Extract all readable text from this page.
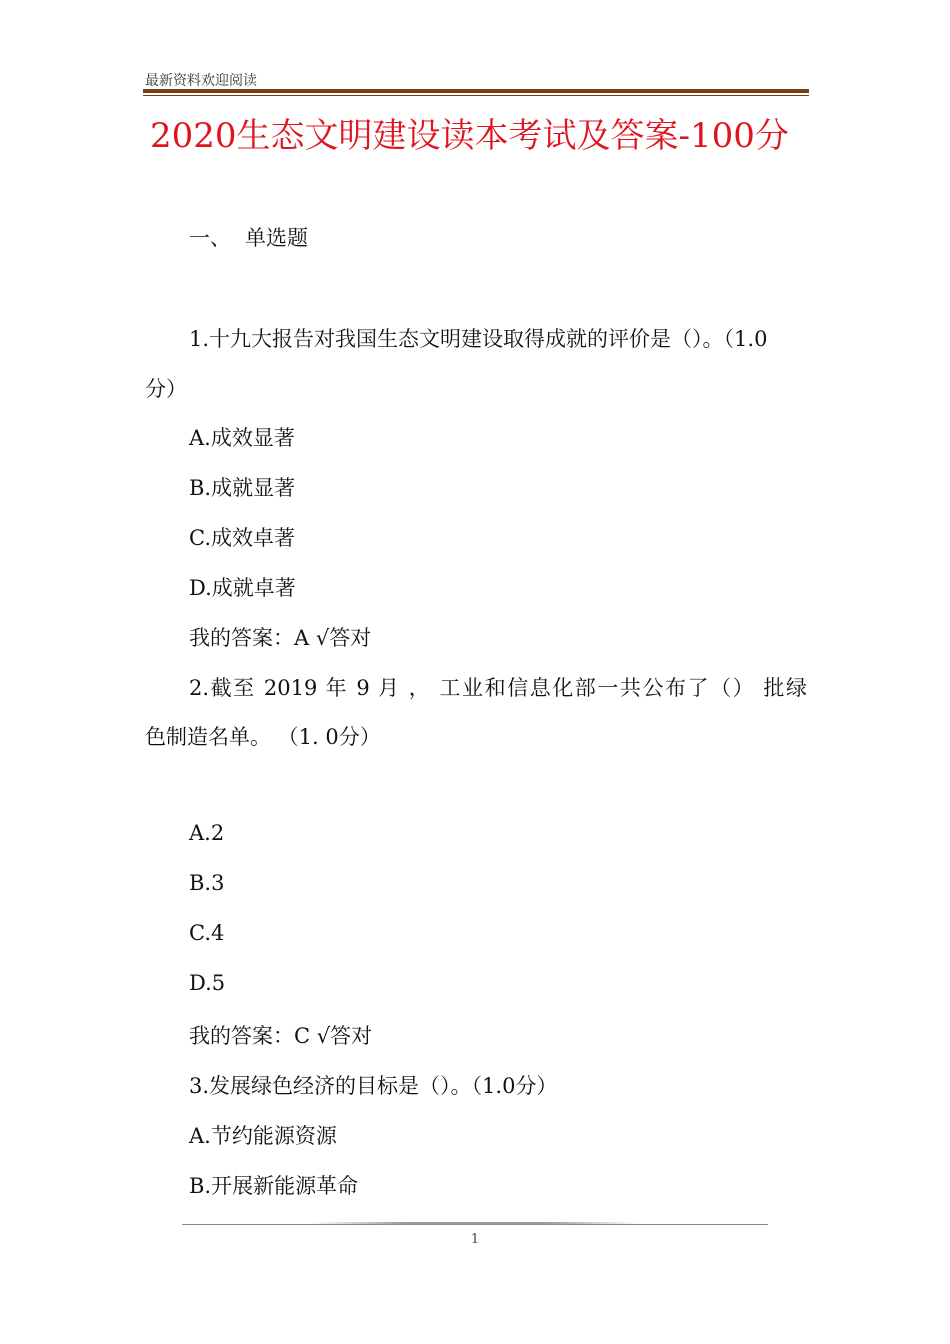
最新资料欢迎阅读
2020生态文明建设读本考试及答案-100分
一、 单选题
1.十九大报告对我国生态文明建设取得成就的评价是（）。（1.0
分）
A.成效显著
B.成就显著
C.成效卓著
D.成就卓著
我的答案：A √答对
2.截至 2019 年 9 月 ， 工业和信息化部一共公布了（） 批绿
色制造名单。 （1. 0分）
A.2
B.3
C.4
D.5
我的答案：C √答对
3.发展绿色经济的目标是（）。（1.0分）
A.节约能源资源
B.开展新能源革命
1
